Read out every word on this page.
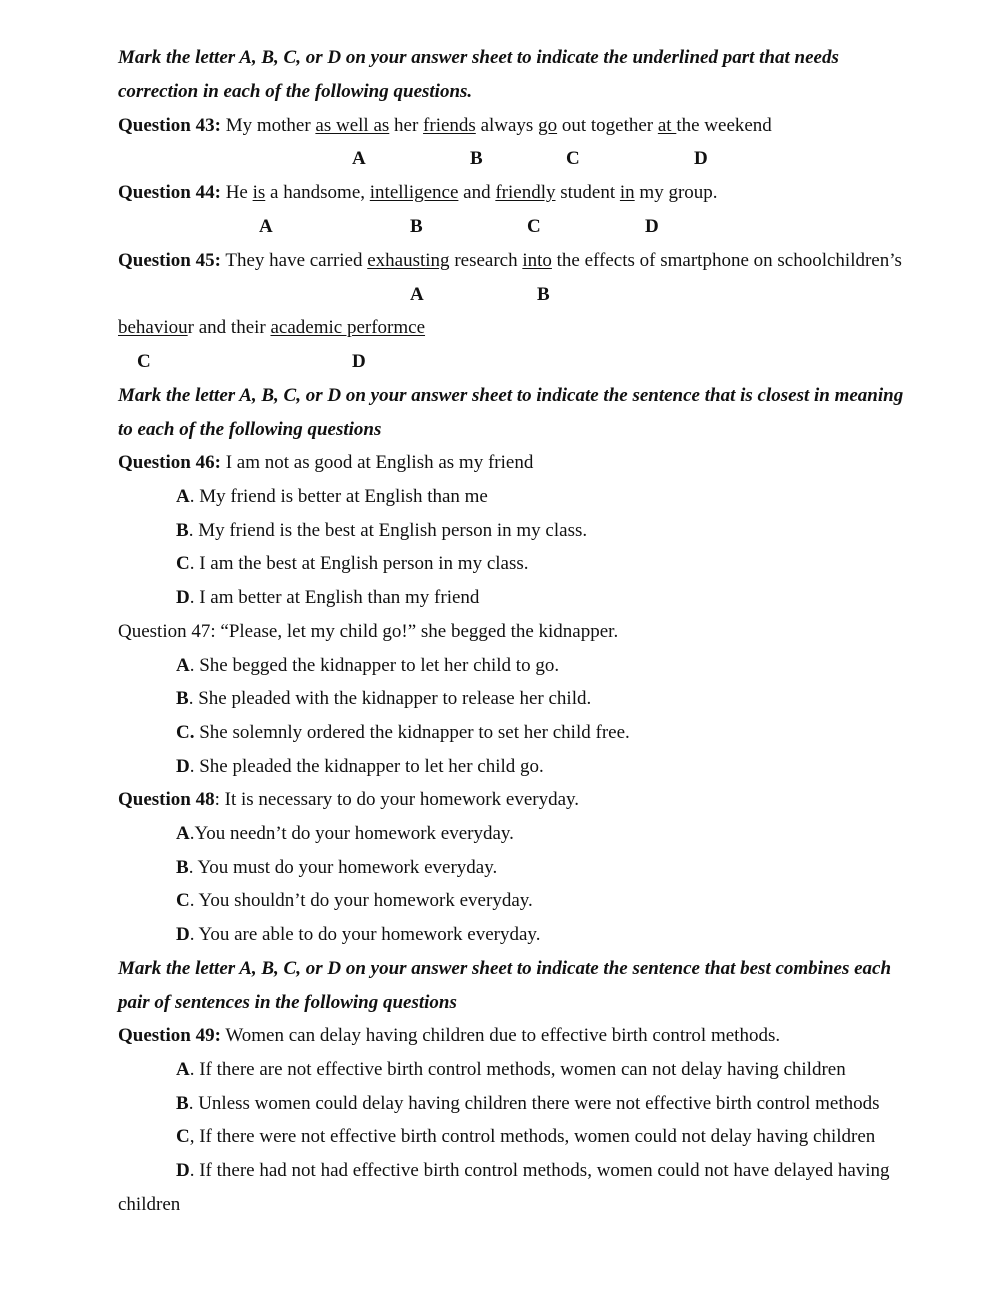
Mark the letter A, B, C, or D on your answer sheet to indicate the underlined part that needs
correction in each of the following questions.
Question 43: My mother as well as her friends always go out together at the weekend
A	B	C	D
Question 44: He is a handsome, intelligence and friendly student in my group.
A	B	C	D
Question 45: They have carried exhausting research into the effects of smartphone on schoolchildren’s
A	B
behaviour and their academic performce
C	D
Mark the letter A, B, C, or D on your answer sheet to indicate the sentence that is closest in meaning
to each of the following questions
Question 46: I am not as good at English as my friend
A. My friend is better at English than me
B. My friend is the best at English person in my class.
C. I am the best at English person in my class.
D. I am better at English than my friend
Question 47: “Please, let my child go!” she begged the kidnapper.
A. She begged the kidnapper to let her child to go.
B. She pleaded with the kidnapper to release her child.
C. She solemnly ordered the kidnapper to set her child free.
D. She pleaded the kidnapper to let her child go.
Question 48: It is necessary to do your homework everyday.
A.You needn’t do your homework everyday.
B. You must do your homework everyday.
C. You shouldn’t do your homework everyday.
D. You are able to do your homework everyday.
Mark the letter A, B, C, or D on your answer sheet to indicate the sentence that best combines each
pair of sentences in the following questions
Question 49: Women can delay having children due to effective birth control methods.
A. If there are not effective birth control methods, women can not delay having children
B. Unless women could delay having children there were not effective birth control methods
C, If there were not effective birth control methods, women could not delay having children
D. If there had not had effective birth control methods, women could not have delayed having
children
